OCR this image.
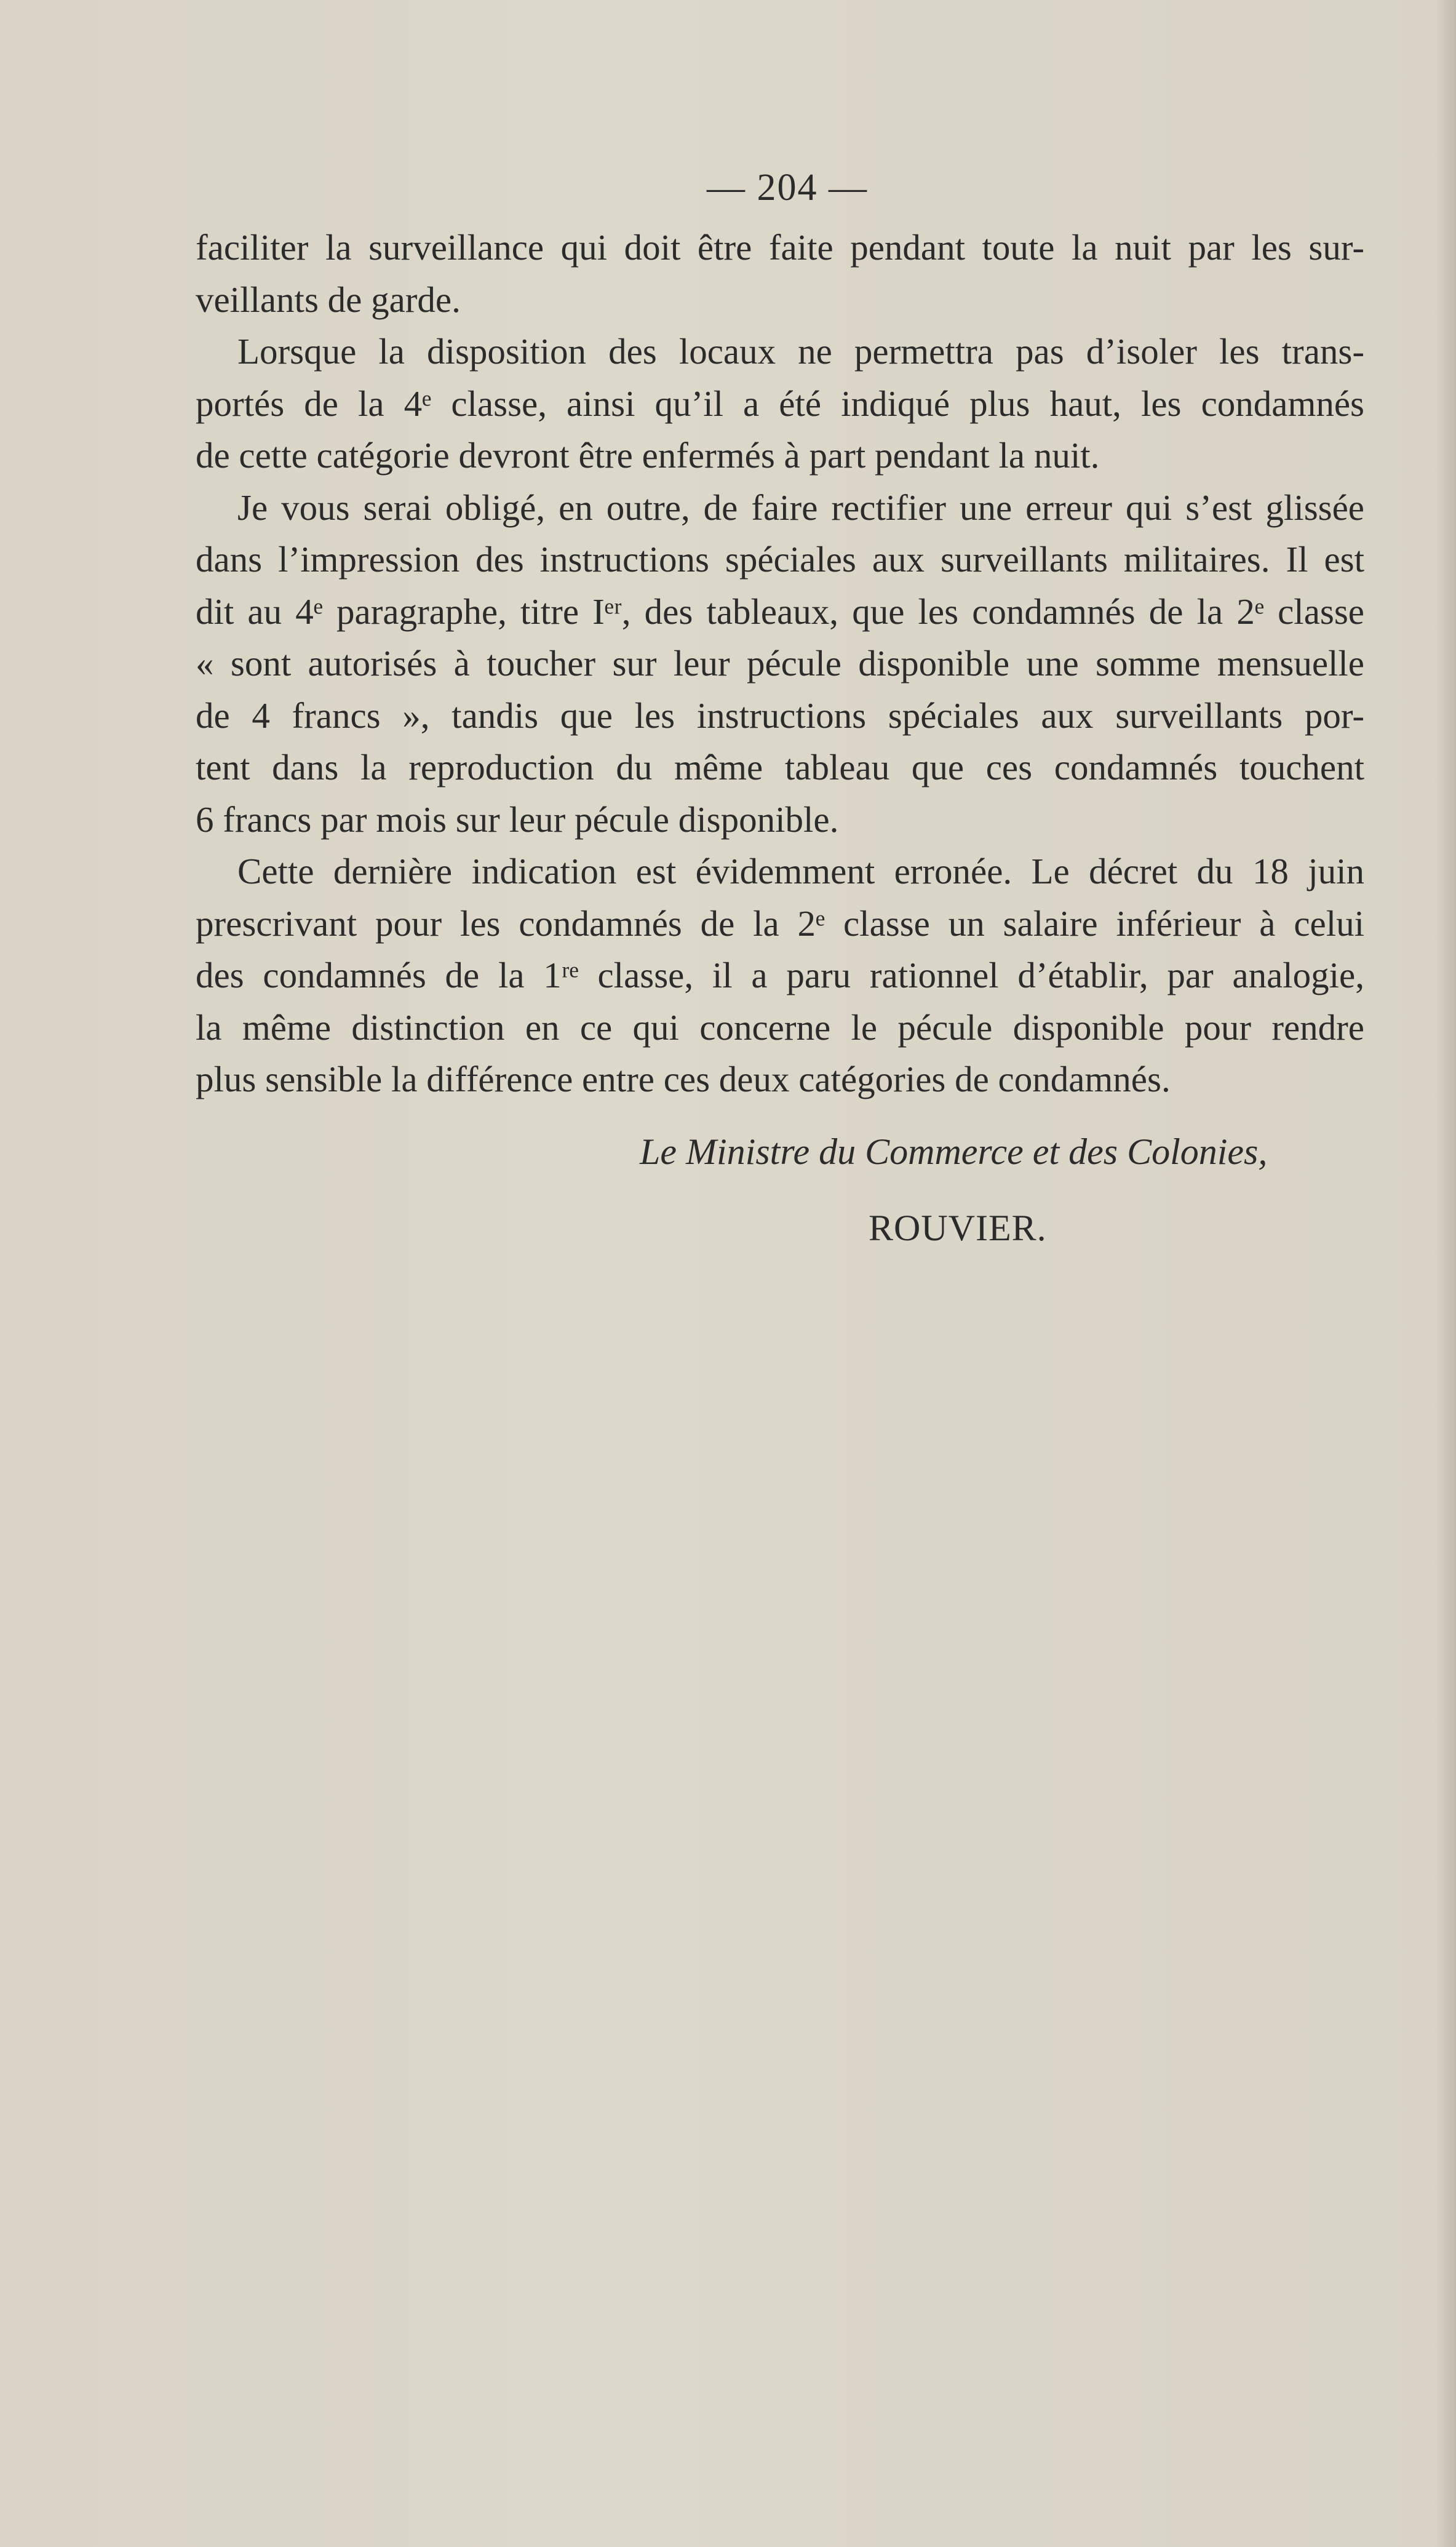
— 204 —
faciliter la surveillance qui doit être faite pendant toute la nuit par les sur-
veillants de garde.
Lorsque la disposition des locaux ne permettra pas d’isoler les trans-
portés de la 4ᵉ classe, ainsi qu’il a été indiqué plus haut, les condamnés
de cette catégorie devront être enfermés à part pendant la nuit.
Je vous serai obligé, en outre, de faire rectifier une erreur qui s’est glissée
dans l’impression des instructions spéciales aux surveillants militaires. Il est
dit au 4ᵉ paragraphe, titre Iᵉʳ, des tableaux, que les condamnés de la 2ᵉ classe
« sont autorisés à toucher sur leur pécule disponible une somme mensuelle
de 4 francs », tandis que les instructions spéciales aux surveillants por-
tent dans la reproduction du même tableau que ces condamnés touchent
6 francs par mois sur leur pécule disponible.
Cette dernière indication est évidemment erronée. Le décret du 18 juin
prescrivant pour les condamnés de la 2ᵉ classe un salaire inférieur à celui
des condamnés de la 1ʳᵉ classe, il a paru rationnel d’établir, par analogie,
la même distinction en ce qui concerne le pécule disponible pour rendre
plus sensible la différence entre ces deux catégories de condamnés.
Le Ministre du Commerce et des Colonies,
ROUVIER.
